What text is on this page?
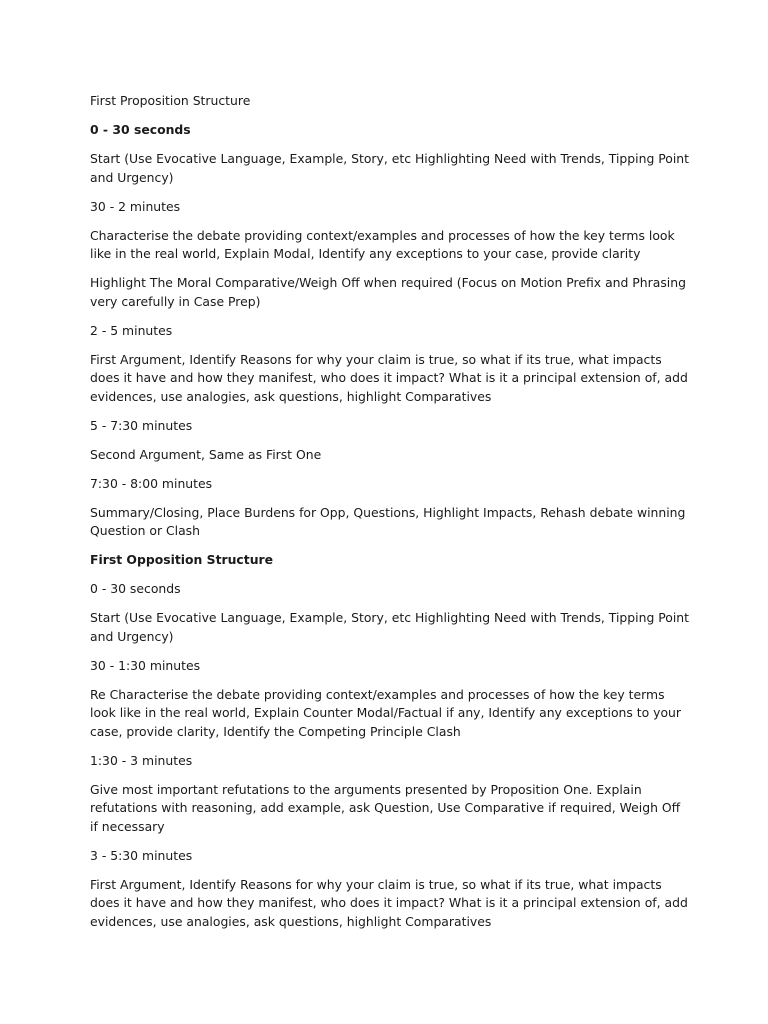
First Proposition Structure

0 - 30 seconds

Start (Use Evocative Language, Example, Story, etc Highlighting Need with Trends, Tipping Point and Urgency)

30 - 2 minutes

Characterise the debate providing context/examples and processes of how the key terms look like in the real world, Explain Modal, Identify any exceptions to your case, provide clarity

Highlight The Moral Comparative/Weigh Off when required (Focus on Motion Prefix and Phrasing very carefully in Case Prep)

2 - 5 minutes

First Argument, Identify Reasons for why your claim is true, so what if its true, what impacts does it have and how they manifest, who does it impact? What is it a principal extension of, add evidences, use analogies, ask questions, highlight Comparatives

5 - 7:30 minutes

Second Argument, Same as First One

7:30 - 8:00 minutes

Summary/Closing, Place Burdens for Opp, Questions, Highlight Impacts, Rehash debate winning Question or Clash

First Opposition Structure

0 - 30 seconds

Start (Use Evocative Language, Example, Story, etc Highlighting Need with Trends, Tipping Point and Urgency)

30 - 1:30 minutes

Re Characterise the debate providing context/examples and processes of how the key terms look like in the real world, Explain Counter Modal/Factual if any, Identify any exceptions to your case, provide clarity, Identify the Competing Principle Clash

1:30 - 3 minutes

Give most important refutations to the arguments presented by Proposition One. Explain refutations with reasoning, add example, ask Question, Use Comparative if required, Weigh Off if necessary

3 - 5:30 minutes

First Argument, Identify Reasons for why your claim is true, so what if its true, what impacts does it have and how they manifest, who does it impact? What is it a principal extension of, add evidences, use analogies, ask questions, highlight Comparatives
